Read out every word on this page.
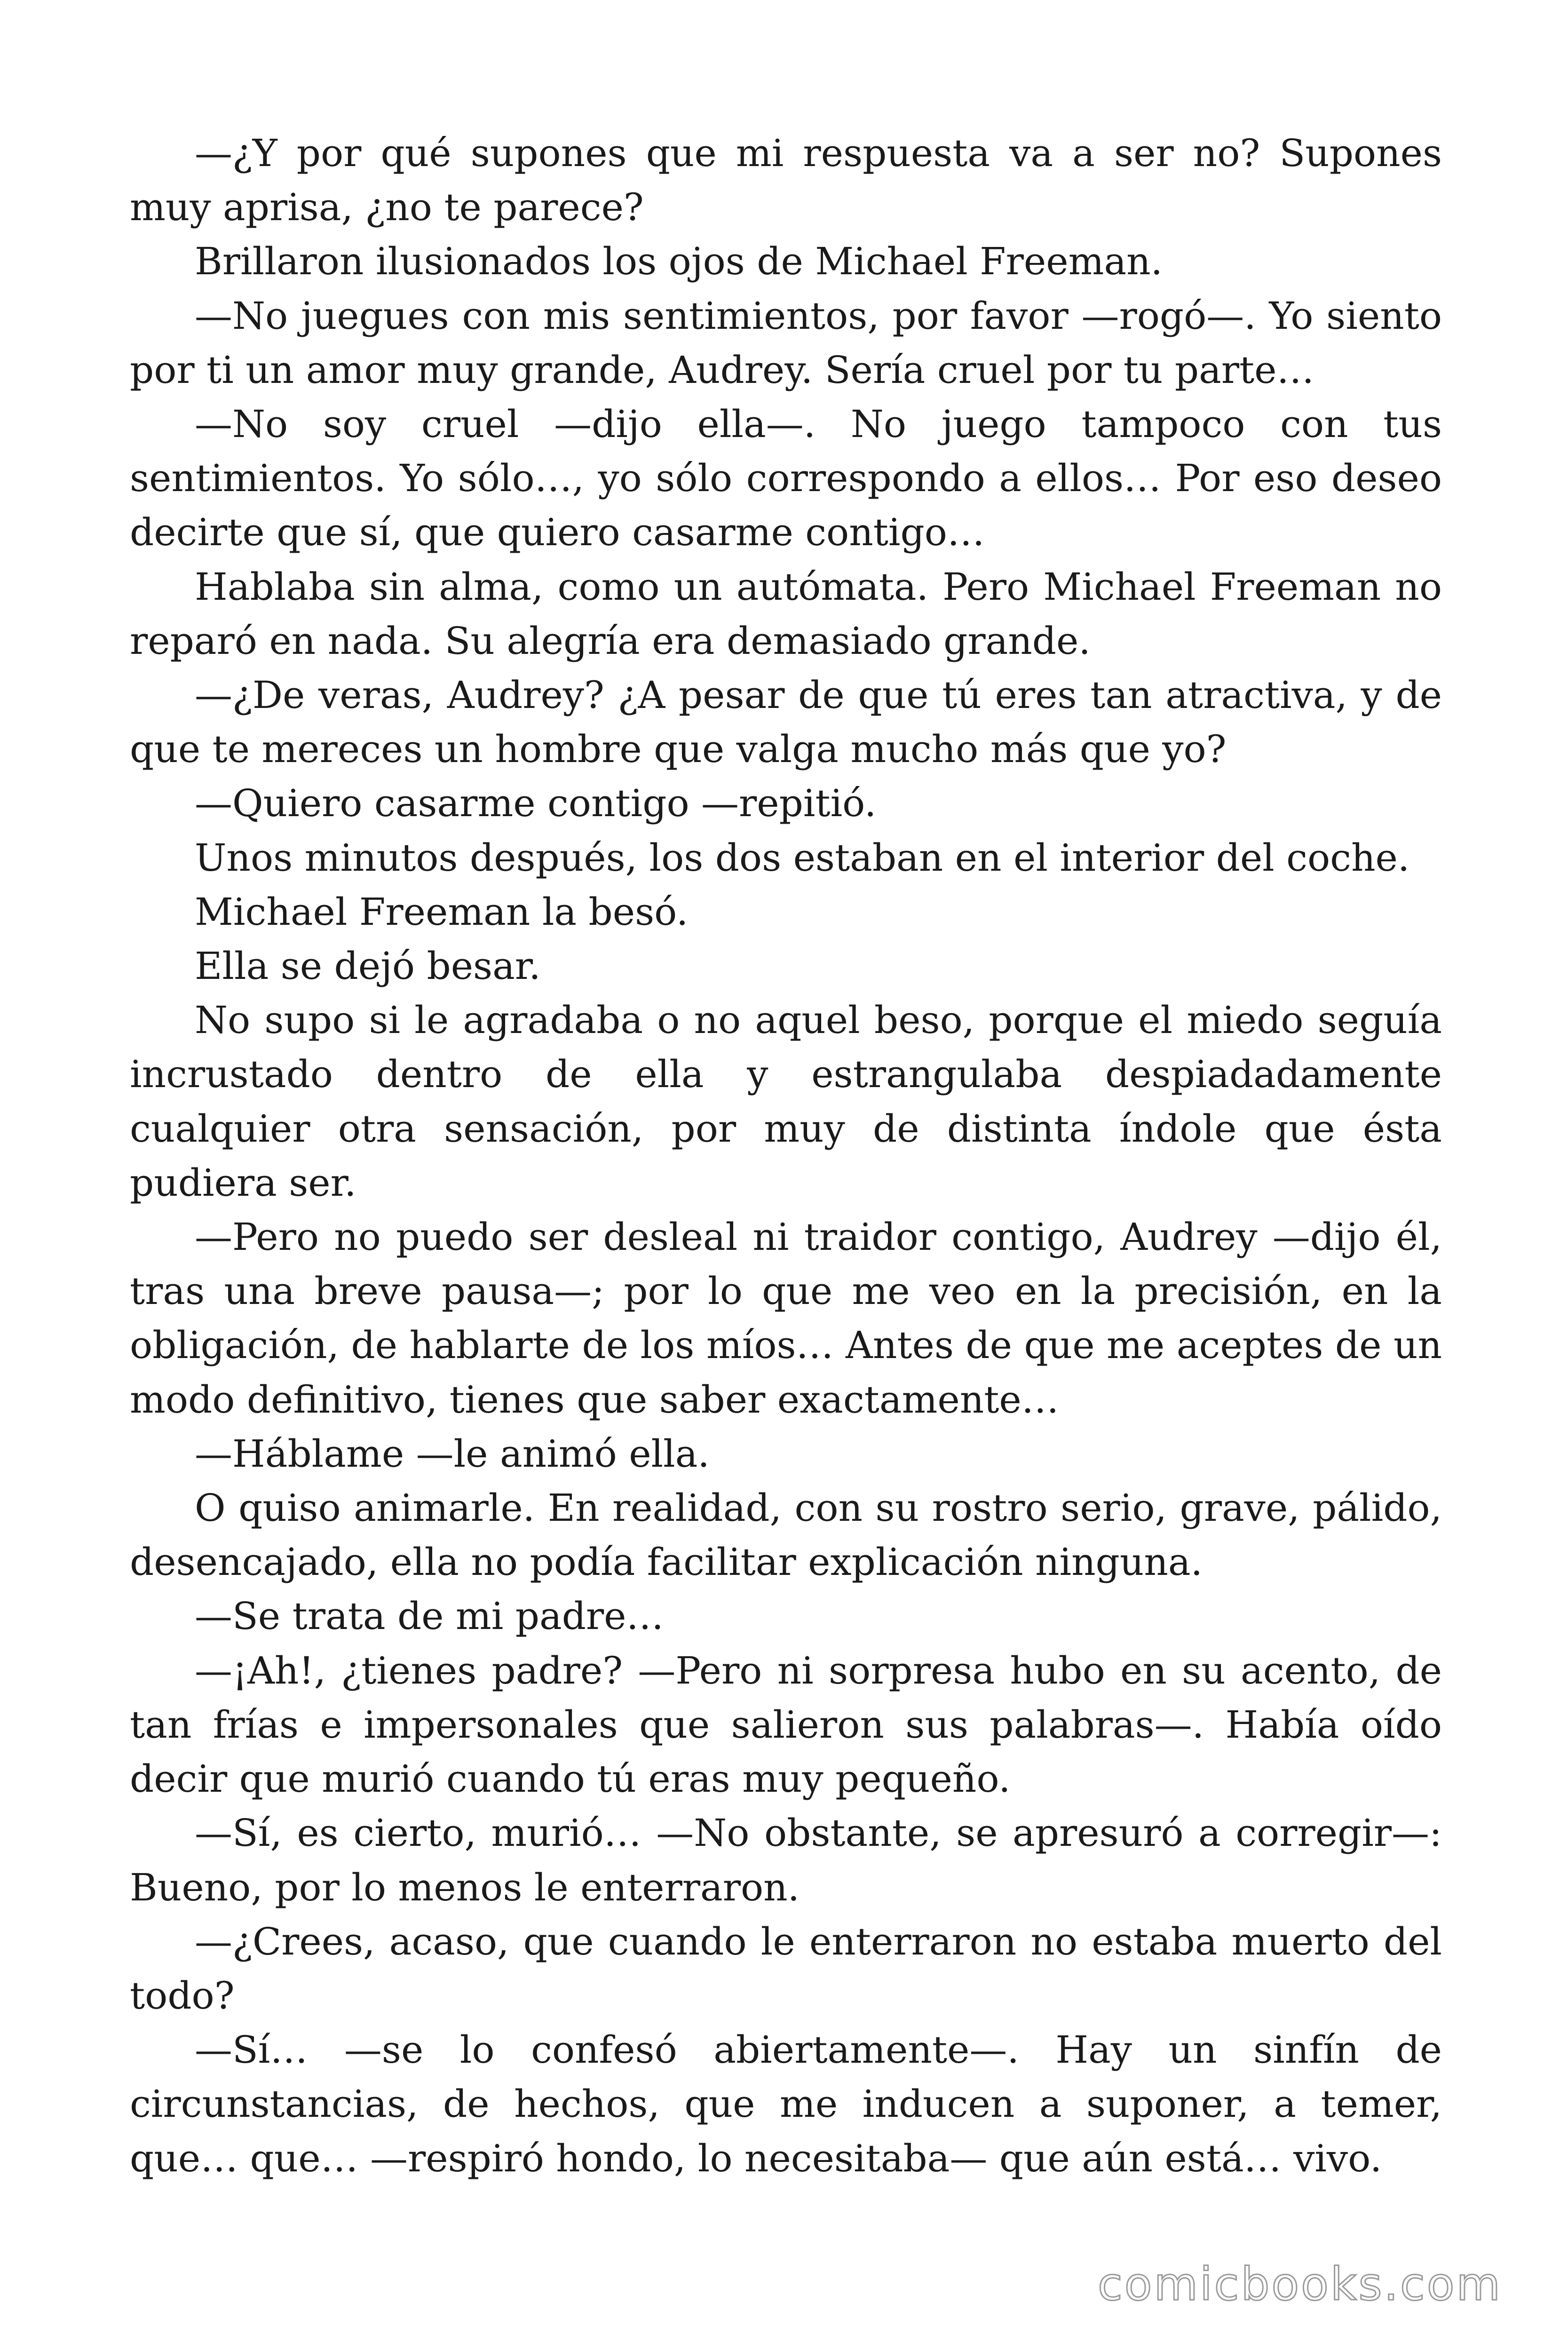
—¿Y por qué supones que mi respuesta va a ser no? Supones muy aprisa, ¿no te parece?

Brillaron ilusionados los ojos de Michael Freeman.

—No juegues con mis sentimientos, por favor —rogó—. Yo siento por ti un amor muy grande, Audrey. Sería cruel por tu parte…

—No soy cruel —dijo ella—. No juego tampoco con tus sentimientos. Yo sólo…, yo sólo correspondo a ellos… Por eso deseo decirte que sí, que quiero casarme contigo…

Hablaba sin alma, como un autómata. Pero Michael Freeman no reparó en nada. Su alegría era demasiado grande.

—¿De veras, Audrey? ¿A pesar de que tú eres tan atractiva, y de que te mereces un hombre que valga mucho más que yo?

—Quiero casarme contigo —repitió.

Unos minutos después, los dos estaban en el interior del coche.

Michael Freeman la besó.

Ella se dejó besar.

No supo si le agradaba o no aquel beso, porque el miedo seguía incrustado dentro de ella y estrangulaba despiadadamente cualquier otra sensación, por muy de distinta índole que ésta pudiera ser.

—Pero no puedo ser desleal ni traidor contigo, Audrey —dijo él, tras una breve pausa—; por lo que me veo en la precisión, en la obligación, de hablarte de los míos… Antes de que me aceptes de un modo definitivo, tienes que saber exactamente…

—Háblame —le animó ella.

O quiso animarle. En realidad, con su rostro serio, grave, pálido, desencajado, ella no podía facilitar explicación ninguna.

—Se trata de mi padre…

—¡Ah!, ¿tienes padre? —Pero ni sorpresa hubo en su acento, de tan frías e impersonales que salieron sus palabras—. Había oído decir que murió cuando tú eras muy pequeño.

—Sí, es cierto, murió… —No obstante, se apresuró a corregir—: Bueno, por lo menos le enterraron.

—¿Crees, acaso, que cuando le enterraron no estaba muerto del todo?

—Sí… —se lo confesó abiertamente—. Hay un sinfín de circunstancias, de hechos, que me inducen a suponer, a temer, que… que… —respiró hondo, lo necesitaba— que aún está… vivo.

comicbooks.com
